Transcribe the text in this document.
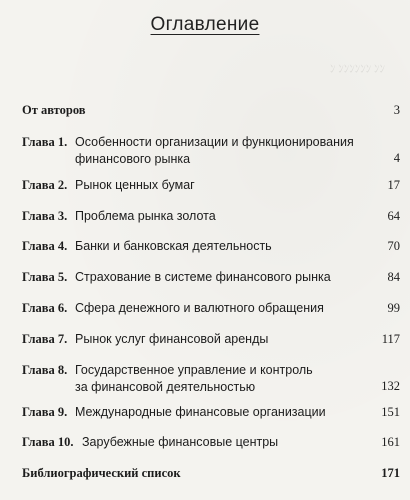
ﾝ ﾝﾝﾝﾝﾝﾝ ﾝﾝ
Оглавление
От авторов	3
Глава 1. Особенности организации и функционирования
финансового рынка	4
Глава 2. Рынок ценных бумаг	17
Глава 3. Проблема рынка золота	64
Глава 4. Банки и банковская деятельность	70
Глава 5. Страхование в системе финансового рынка	84
Глава 6. Сфера денежного и валютного обращения	99
Глава 7. Рынок услуг финансовой аренды	117
Глава 8. Государственное управление и контроль
за финансовой деятельностью	132
Глава 9. Международные финансовые организации	151
Глава 10. Зарубежные финансовые центры	161
Библиографический список	171
